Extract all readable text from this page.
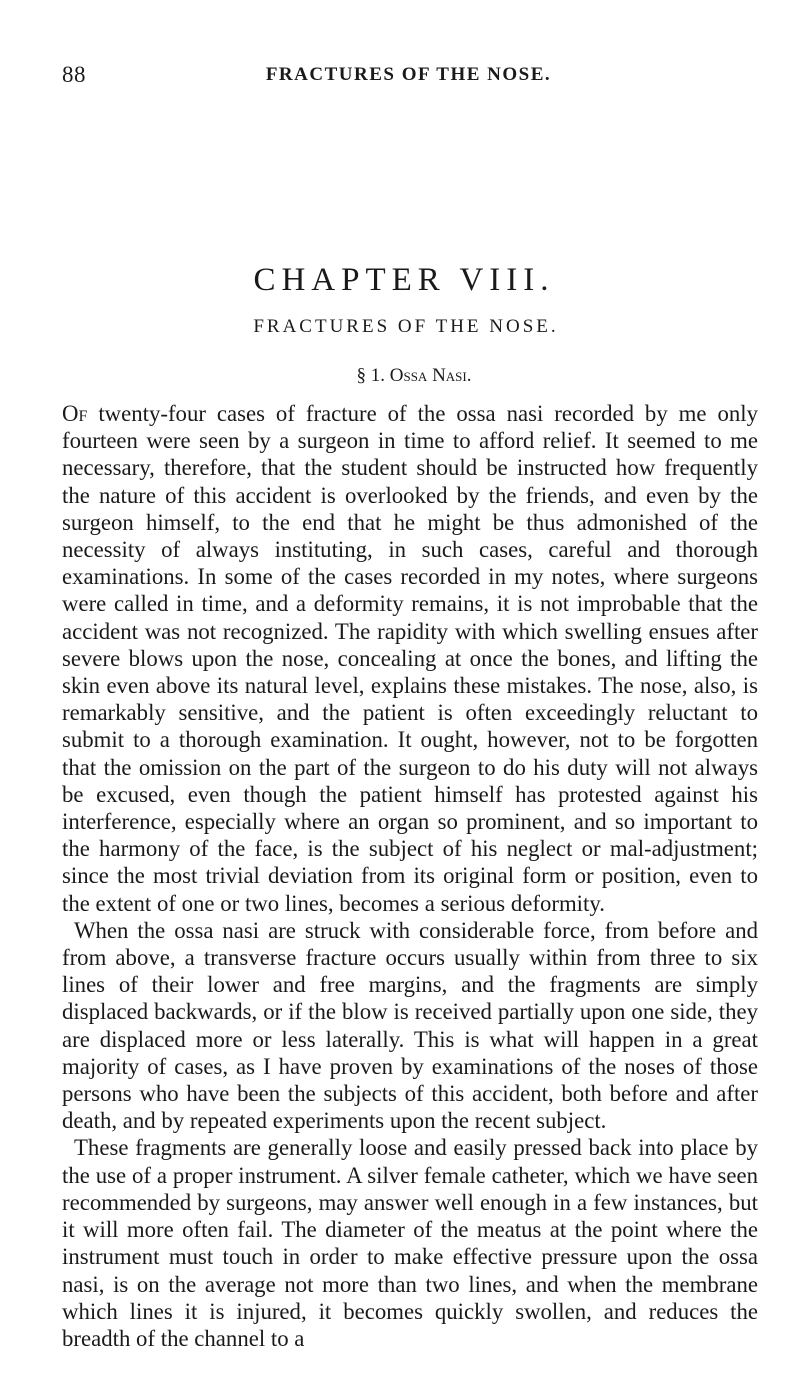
88	FRACTURES OF THE NOSE.
CHAPTER VIII.
FRACTURES OF THE NOSE.
§ 1. Ossa Nasi.

Of twenty-four cases of fracture of the ossa nasi recorded by me only fourteen were seen by a surgeon in time to afford relief. It seemed to me necessary, therefore, that the student should be instructed how frequently the nature of this accident is overlooked by the friends, and even by the surgeon himself, to the end that he might be thus admonished of the necessity of always instituting, in such cases, careful and thorough examinations. In some of the cases recorded in my notes, where surgeons were called in time, and a deformity remains, it is not improbable that the accident was not recognized. The rapidity with which swelling ensues after severe blows upon the nose, concealing at once the bones, and lifting the skin even above its natural level, explains these mistakes. The nose, also, is remarkably sensitive, and the patient is often exceedingly reluctant to submit to a thorough examination. It ought, however, not to be forgotten that the omission on the part of the surgeon to do his duty will not always be excused, even though the patient himself has protested against his interference, especially where an organ so prominent, and so important to the harmony of the face, is the subject of his neglect or mal-adjustment; since the most trivial deviation from its original form or position, even to the extent of one or two lines, becomes a serious deformity.

When the ossa nasi are struck with considerable force, from before and from above, a transverse fracture occurs usually within from three to six lines of their lower and free margins, and the fragments are simply displaced backwards, or if the blow is received partially upon one side, they are displaced more or less laterally. This is what will happen in a great majority of cases, as I have proven by examinations of the noses of those persons who have been the subjects of this accident, both before and after death, and by repeated experiments upon the recent subject.

These fragments are generally loose and easily pressed back into place by the use of a proper instrument. A silver female catheter, which we have seen recommended by surgeons, may answer well enough in a few instances, but it will more often fail. The diameter of the meatus at the point where the instrument must touch in order to make effective pressure upon the ossa nasi, is on the average not more than two lines, and when the membrane which lines it is injured, it becomes quickly swollen, and reduces the breadth of the channel to a
